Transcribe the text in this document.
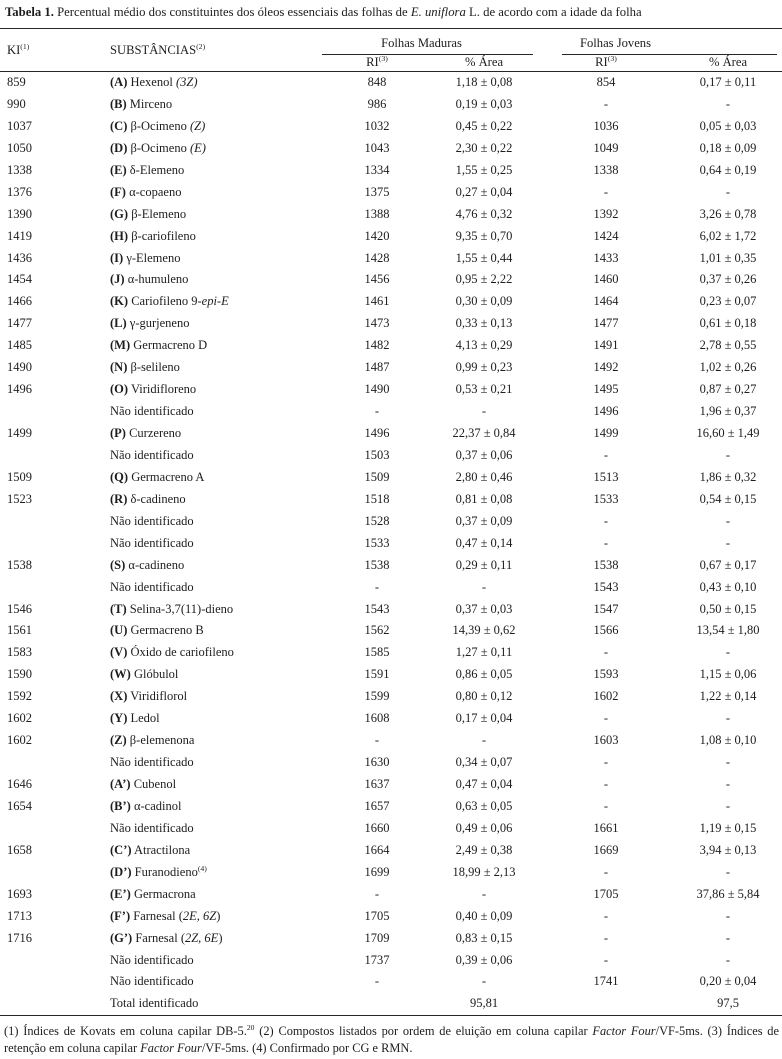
Tabela 1. Percentual médio dos constituintes dos óleos essenciais das folhas de E. uniflora L. de acordo com a idade da folha
KI$^{(1)}$	SUBSTÂNCIAS$^{(2)}$	Folhas Maduras			Folhas Jovens	

		RI$^{(3)}$	% Área		RI$^{(3)}$	% Área
859	(A) Hexenol (3Z)	848	1,18 ± 0,08		854	0,17 ± 0,11
990	(B) Mirceno	986	0,19 ± 0,03		-	-
1037	(C) β-Ocimeno (Z)	1032	0,45 ± 0,22		1036	0,05 ± 0,03
1050	(D) β-Ocimeno (E)	1043	2,30 ± 0,22		1049	0,18 ± 0,09
1338	(E) δ-Elemeno	1334	1,55 ± 0,25		1338	0,64 ± 0,19
1376	(F) α-copaeno	1375	0,27 ± 0,04		-	-
1390	(G) β-Elemeno	1388	4,76 ± 0,32		1392	3,26 ± 0,78
1419	(H) β-cariofileno	1420	9,35 ± 0,70		1424	6,02 ± 1,72
1436	(I) γ-Elemeno	1428	1,55 ± 0,44		1433	1,01 ± 0,35
1454	(J) α-humuleno	1456	0,95 ± 2,22		1460	0,37 ± 0,26
1466	(K) Cariofileno 9-epi-E	1461	0,30 ± 0,09		1464	0,23 ± 0,07
1477	(L) γ-gurjeneno	1473	0,33 ± 0,13		1477	0,61 ± 0,18
1485	(M) Germacreno D	1482	4,13 ± 0,29		1491	2,78 ± 0,55
1490	(N) β-selileno	1487	0,99 ± 0,23		1492	1,02 ± 0,26
1496	(O) Viridifloreno	1490	0,53 ± 0,21		1495	0,87 ± 0,27
	Não identificado	-	-		1496	1,96 ± 0,37
1499	(P) Curzereno	1496	22,37 ± 0,84		1499	16,60 ± 1,49
	Não identificado	1503	0,37 ± 0,06		-	-
1509	(Q) Germacreno A	1509	2,80 ± 0,46		1513	1,86 ± 0,32
1523	(R) δ-cadineno	1518	0,81 ± 0,08		1533	0,54 ± 0,15
	Não identificado	1528	0,37 ± 0,09		-	-
	Não identificado	1533	0,47 ± 0,14		-	-
1538	(S) α-cadineno	1538	0,29 ± 0,11		1538	0,67 ± 0,17
	Não identificado	-	-		1543	0,43 ± 0,10
1546	(T) Selina-3,7(11)-dieno	1543	0,37 ± 0,03		1547	0,50 ± 0,15
1561	(U) Germacreno B	1562	14,39 ± 0,62		1566	13,54 ± 1,80
1583	(V) Óxido de cariofileno	1585	1,27 ± 0,11		-	-
1590	(W) Glóbulol	1591	0,86 ± 0,05		1593	1,15 ± 0,06
1592	(X) Viridiflorol	1599	0,80 ± 0,12		1602	1,22 ± 0,14
1602	(Y) Ledol	1608	0,17 ± 0,04		-	-
1602	(Z) β-elemenona	-	-		1603	1,08 ± 0,10
	Não identificado	1630	0,34 ± 0,07		-	-
1646	(A’) Cubenol	1637	0,47 ± 0,04		-	-
1654	(B’) α-cadinol	1657	0,63 ± 0,05		-	-
	Não identificado	1660	0,49 ± 0,06		1661	1,19 ± 0,15
1658	(C’) Atractilona	1664	2,49 ± 0,38		1669	3,94 ± 0,13
	(D’) Furanodieno$^{(4)}$	1699	18,99 ± 2,13		-	-
1693	(E’) Germacrona	-	-		1705	37,86 ± 5,84
1713	(F’) Farnesal (2E, 6Z)	1705	0,40 ± 0,09		-	-
1716	(G’) Farnesal (2Z, 6E)	1709	0,83 ± 0,15		-	-
	Não identificado	1737	0,39 ± 0,06		-	-
	Não identificado	-	-		1741	0,20 ± 0,04
	Total identificado		95,81			97,5
(1) Índices de Kovats em coluna capilar DB-5.20 (2) Compostos listados por ordem de eluição em coluna capilar Factor Four/VF-5ms. (3) Índices de retenção em coluna capilar Factor Four/VF-5ms. (4) Confirmado por CG e RMN.
